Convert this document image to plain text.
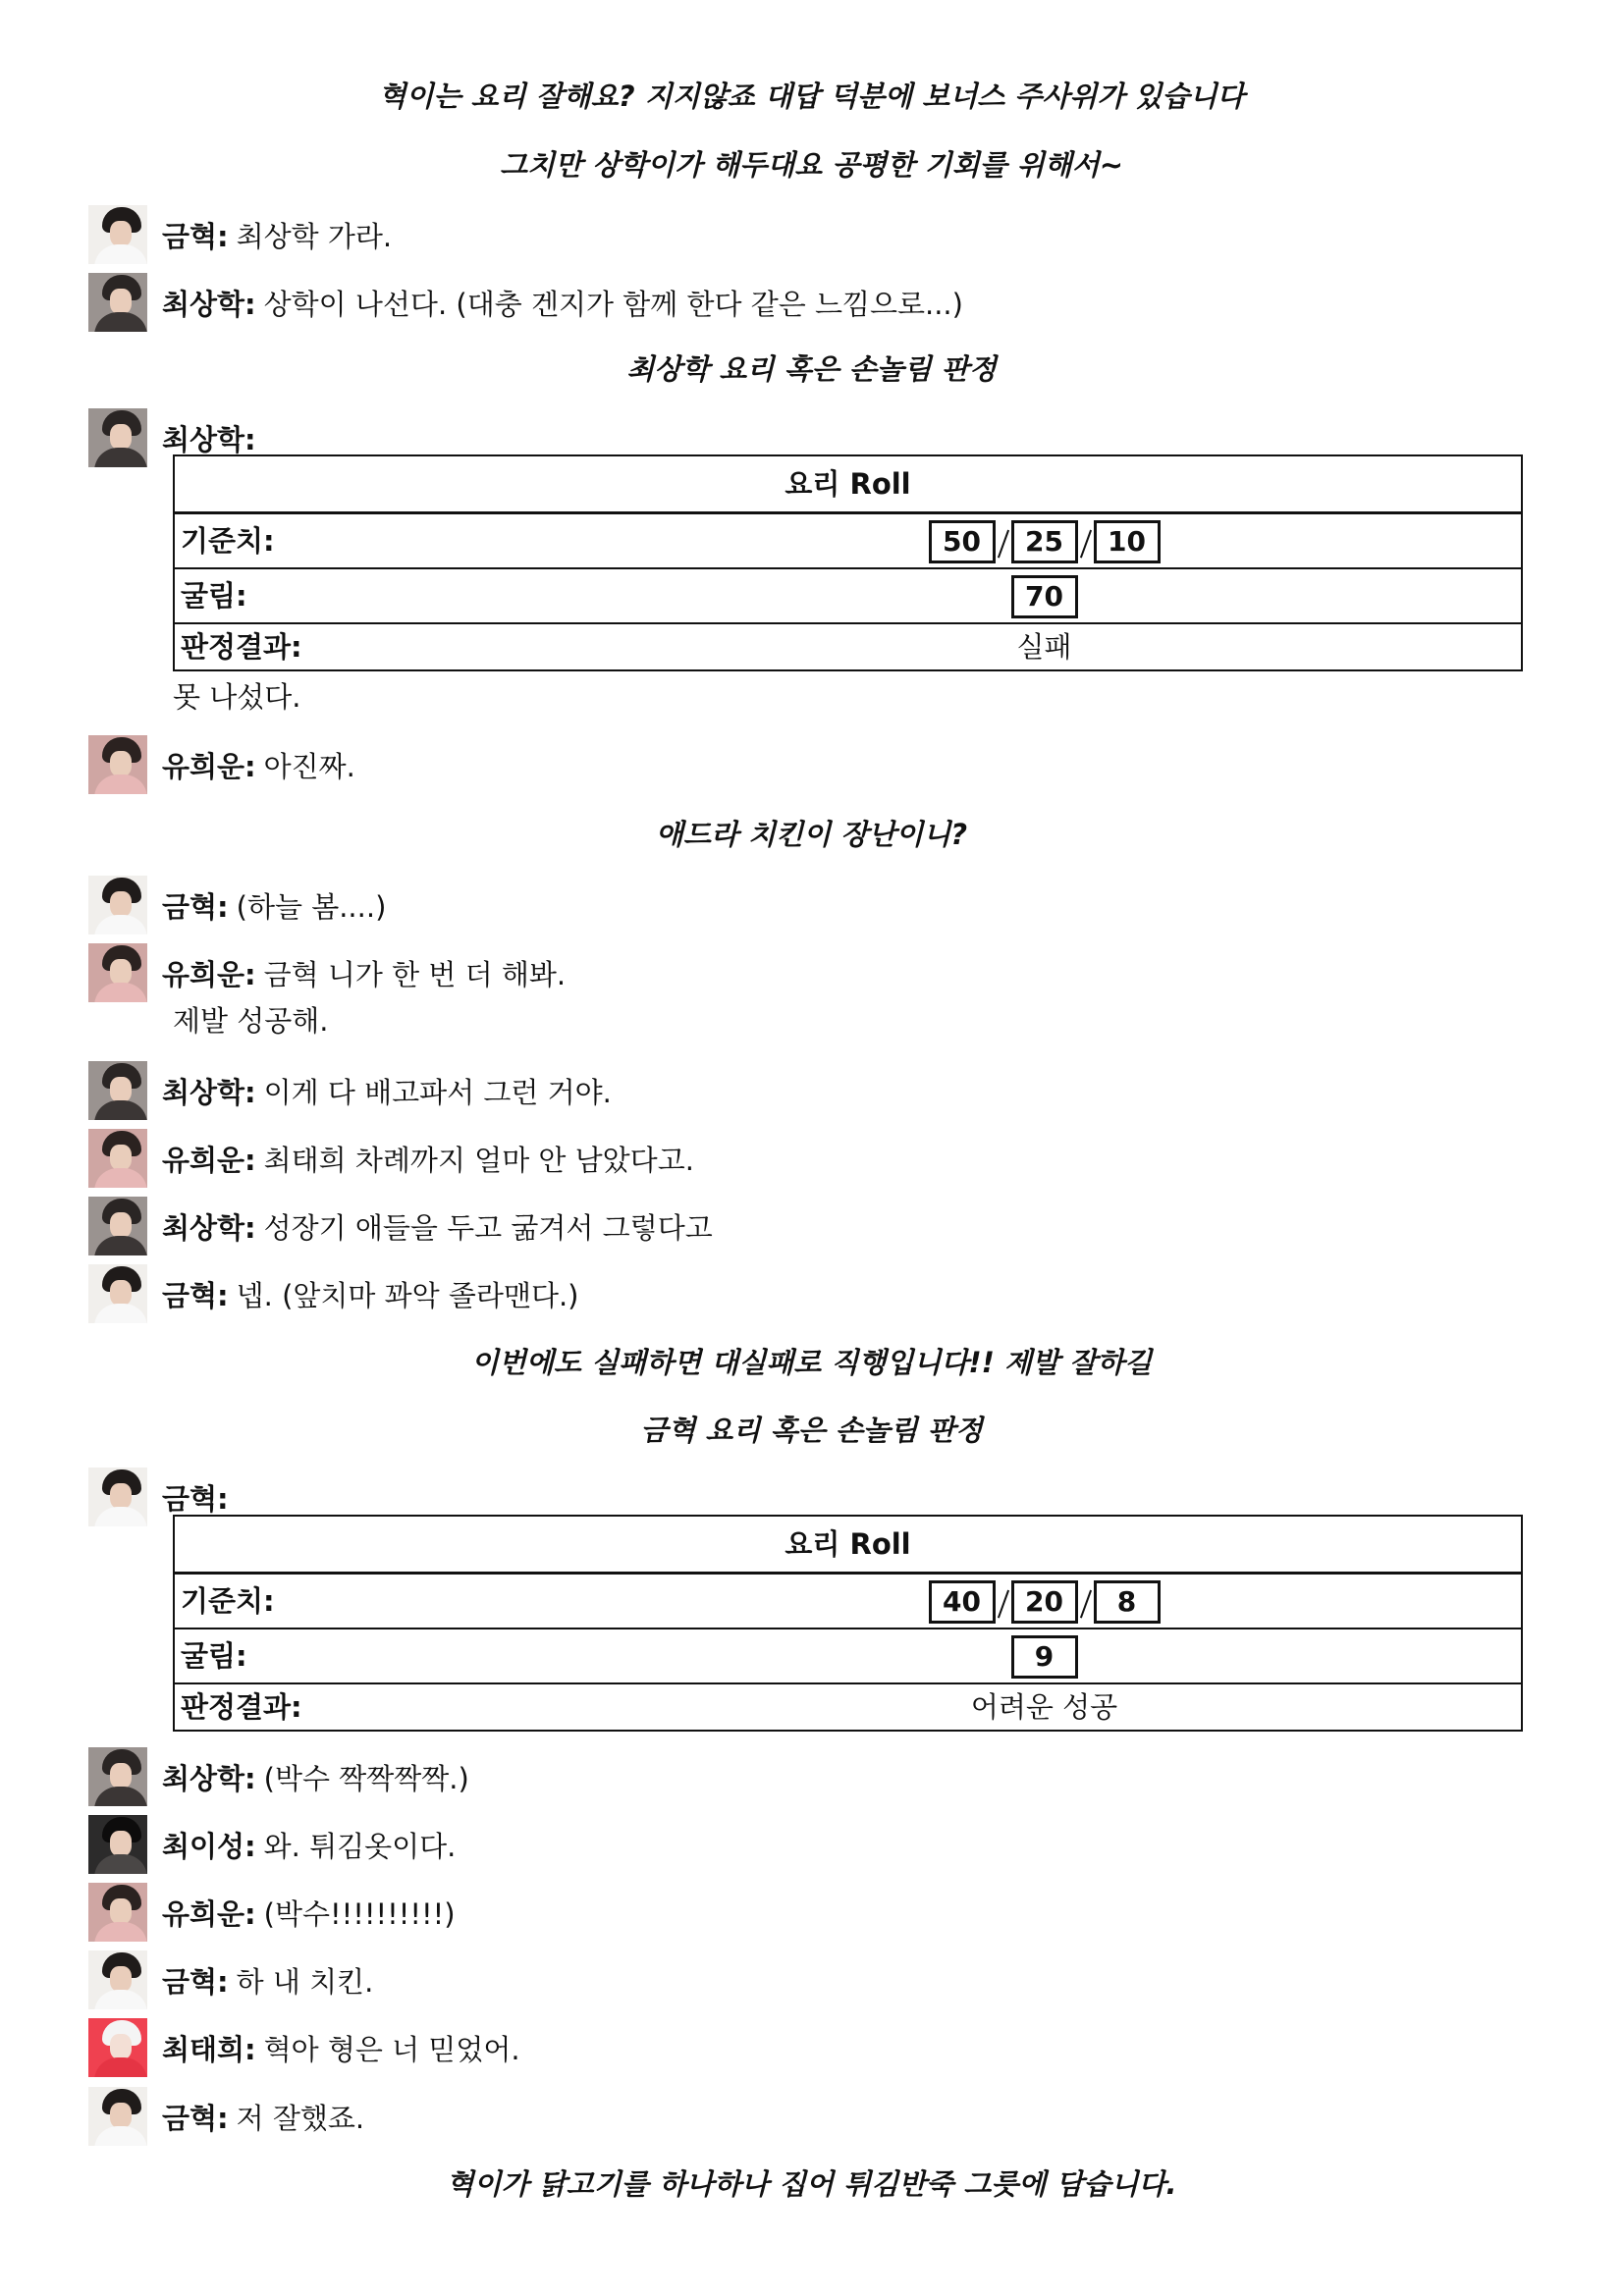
혁이는 요리 잘해요? 지지않죠 대답 덕분에 보너스 주사위가 있습니다
그치만 상학이가 해두대요 공평한 기회를 위해서~
금혁: 최상학 가라.
최상학: 상학이 나선다. (대충 겐지가 함께 한다 같은 느낌으로...)
최상학 요리 혹은 손놀림 판정
최상학:
요리 Roll
기준치:	50	25	10
굴림:	70
판정결과:	실패
못 나섰다.
유희운: 아진짜.
애드라 치킨이 장난이니?
금혁: (하늘 봄....)
유희운: 금혁 니가 한 번 더 해봐.
제발 성공해.
최상학: 이게 다 배고파서 그런 거야.
유희운: 최태희 차례까지 얼마 안 남았다고.
최상학: 성장기 애들을 두고 굶겨서 그렇다고
금혁: 넵. (앞치마 꽈악 졸라맨다.)
이번에도 실패하면 대실패로 직행입니다!! 제발 잘하길
금혁 요리 혹은 손놀림 판정
금혁:
요리 Roll
기준치:	40	20	8
굴림:	9
판정결과:	어려운 성공
최상학: (박수 짝짝짝짝.)
최이성: 와. 튀김옷이다.
유희운: (박수!!!!!!!!!!)
금혁: 하 내 치킨.
최태희: 혁아 형은 너 믿었어.
금혁: 저 잘했죠.
혁이가 닭고기를 하나하나 집어 튀김반죽 그릇에 담습니다.
